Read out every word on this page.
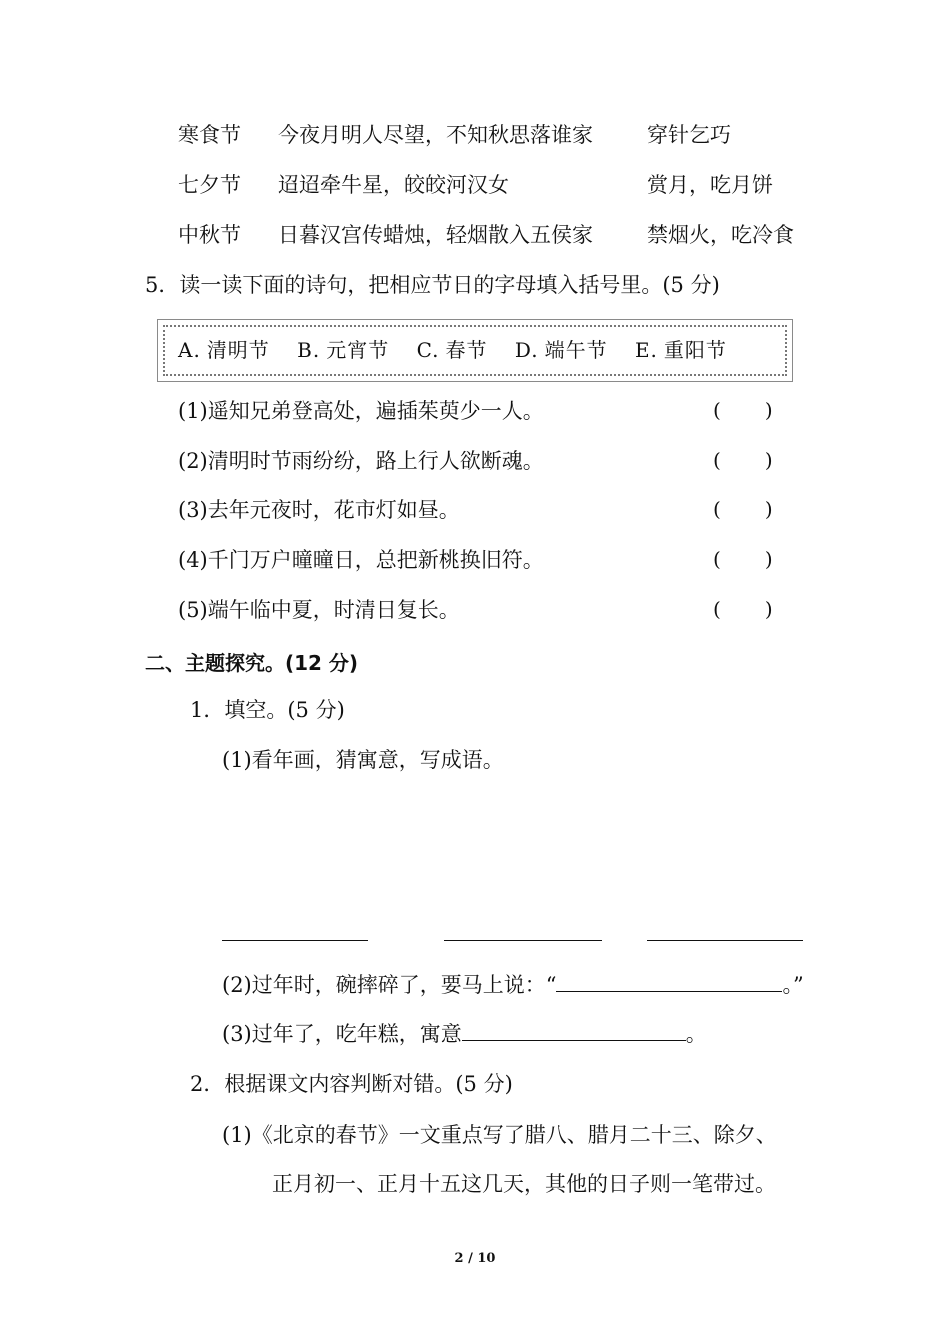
寒食节 今夜月明人尽望，不知秋思落谁家	穿针乞巧
七夕节 迢迢牵牛星，皎皎河汉女	赏月，吃月饼
中秋节 日暮汉宫传蜡烛，轻烟散入五侯家	禁烟火，吃冷食
5．读一读下面的诗句，把相应节日的字母填入括号里。(5 分)
A. 清明节 B. 元宵节 C. 春节 D. 端午节 E. 重阳节
(1)遥知兄弟登高处，遍插茱萸少一人。	( )
(2)清明时节雨纷纷，路上行人欲断魂。	( )
(3)去年元夜时，花市灯如昼。	( )
(4)千门万户曈曈日，总把新桃换旧符。	( )
(5)端午临中夏，时清日复长。	( )
二、主题探究。(12 分)
1．填空。(5 分)
(1)看年画，猜寓意，写成语。
(2)过年时，碗摔碎了，要马上说：“	。”
(3)过年了，吃年糕，寓意	。
2．根据课文内容判断对错。(5 分)
(1)《北京的春节》一文重点写了腊八、腊月二十三、除夕、
正月初一、正月十五这几天，其他的日子则一笔带过。
2 / 10
